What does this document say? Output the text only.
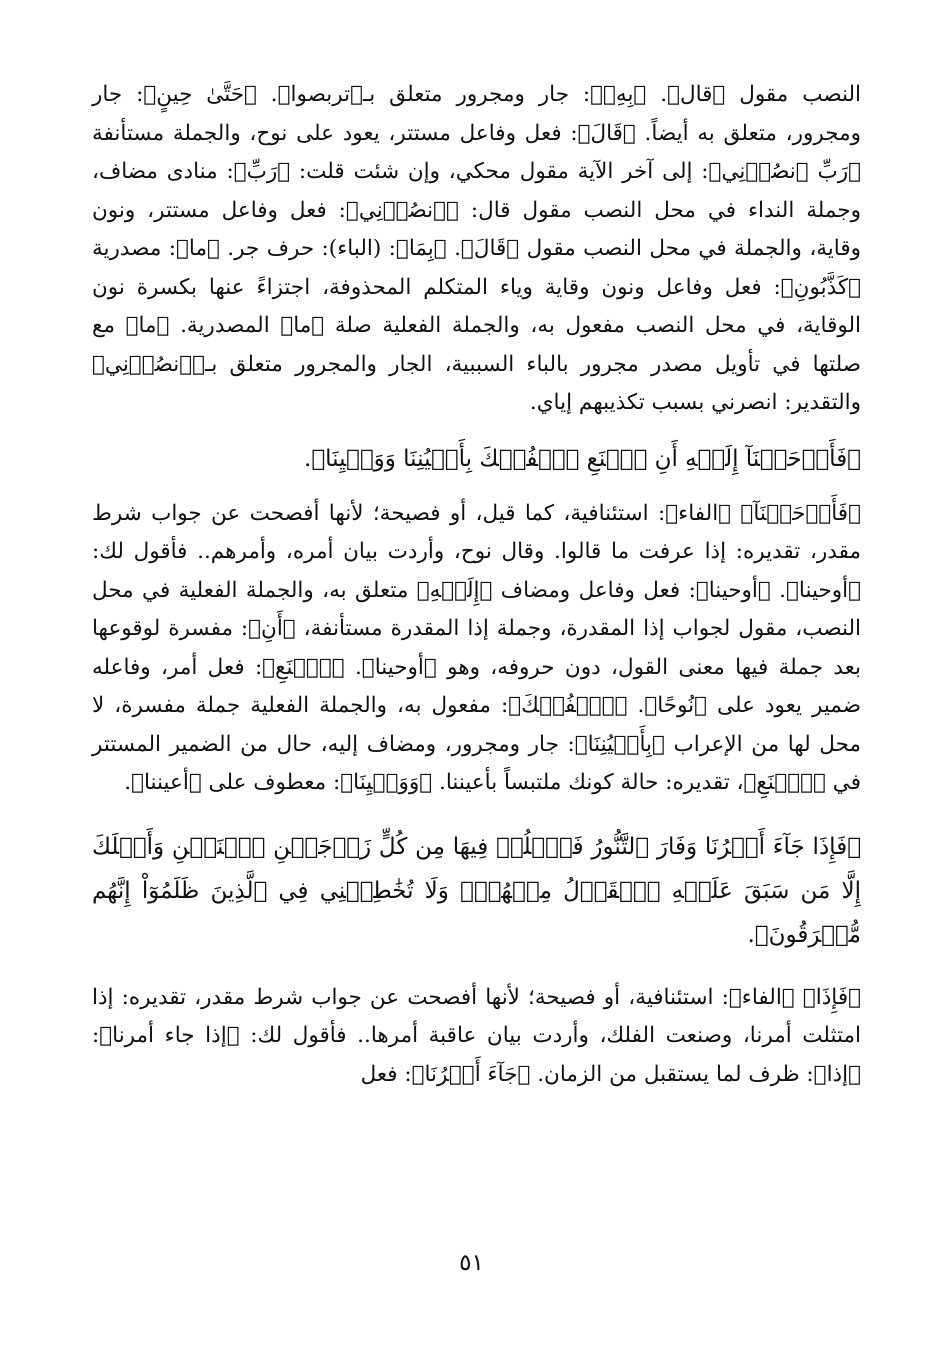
النصب مقول ﴿قال﴾. ﴿بِهِۦ﴾: جار ومجرور متعلق بـ﴿تربصوا﴾. ﴿حَتَّىٰ حِينٍ﴾: جار ومجرور، متعلق به أيضاً. ﴿قَالَ﴾: فعل وفاعل مستتر، يعود على نوح، والجملة مستأنفة ﴿رَبِّ ٱنصُرۡنِي﴾: إلى آخر الآية مقول محكي، وإن شئت قلت: ﴿رَبِّ﴾: منادى مضاف، وجملة النداء في محل النصب مقول قال: ﴿ٱنصُرۡنِي﴾: فعل وفاعل مستتر، ونون وقاية، والجملة في محل النصب مقول ﴿قَالَ﴾. ﴿بِمَا﴾: (الباء): حرف جر. ﴿ما﴾: مصدرية ﴿كَذَّبُونِ﴾: فعل وفاعل ونون وقاية وياء المتكلم المحذوفة، اجتزاءً عنها بكسرة نون الوقاية، في محل النصب مفعول به، والجملة الفعلية صلة ﴿ما﴾ المصدرية. ﴿ما﴾ مع صلتها في تأويل مصدر مجرور بالباء السببية، الجار والمجرور متعلق بـ﴿ٱنصُرۡنِي﴾ والتقدير: انصرني بسبب تكذيبهم إياي.

﴿فَأَوۡحَيۡنَآ إِلَيۡهِ أَنِ ٱصۡنَعِ ٱلۡفُلۡكَ بِأَعۡيُنِنَا وَوَحۡيِنَا﴾.

﴿فَأَوۡحَيۡنَآ﴾ ﴿الفاء﴾: استئنافية، كما قيل، أو فصيحة؛ لأنها أفصحت عن جواب شرط مقدر، تقديره: إذا عرفت ما قالوا. وقال نوح، وأردت بيان أمره، وأمرهم.. فأقول لك: ﴿أوحينا﴾. ﴿أوحينا﴾: فعل وفاعل ومضاف ﴿إِلَيۡهِ﴾ متعلق به، والجملة الفعلية في محل النصب، مقول لجواب إذا المقدرة، وجملة إذا المقدرة مستأنفة، ﴿أَنِ﴾: مفسرة لوقوعها بعد جملة فيها معنى القول، دون حروفه، وهو ﴿أوحينا﴾. ﴿ٱصۡنَعِ﴾: فعل أمر، وفاعله ضمير يعود على ﴿نُوحًا﴾. ﴿ٱلۡفُلۡكَ﴾: مفعول به، والجملة الفعلية جملة مفسرة، لا محل لها من الإعراب ﴿بِأَعۡيُنِنَا﴾: جار ومجرور، ومضاف إليه، حال من الضمير المستتر في ﴿ٱصۡنَعِ﴾، تقديره: حالة كونك ملتبساً بأعيننا. ﴿وَوَحۡيِنَا﴾: معطوف على ﴿أعيننا﴾.

﴿فَإِذَا جَآءَ أَمۡرُنَا وَفَارَ ٱلتَّنُّورُ فَٱسۡلُكۡ فِيهَا مِن كُلٍّ زَوۡجَيۡنِ ٱثۡنَيۡنِ وَأَهۡلَكَ إِلَّا مَن سَبَقَ عَلَيۡهِ ٱلۡقَوۡلُ مِنۡهُمۡۖ وَلَا تُخَٰطِبۡنِي فِي ٱلَّذِينَ ظَلَمُوٓاْ إِنَّهُم مُّغۡرَقُونَ﴾.

﴿فَإِذَا﴾ ﴿الفاء﴾: استئنافية، أو فصيحة؛ لأنها أفصحت عن جواب شرط مقدر، تقديره: إذا امتثلت أمرنا، وصنعت الفلك، وأردت بيان عاقبة أمرها.. فأقول لك: ﴿إذا جاء أمرنا﴾: ﴿إذا﴾: ظرف لما يستقبل من الزمان. ﴿جَآءَ أَمۡرُنَا﴾: فعل

٥١
